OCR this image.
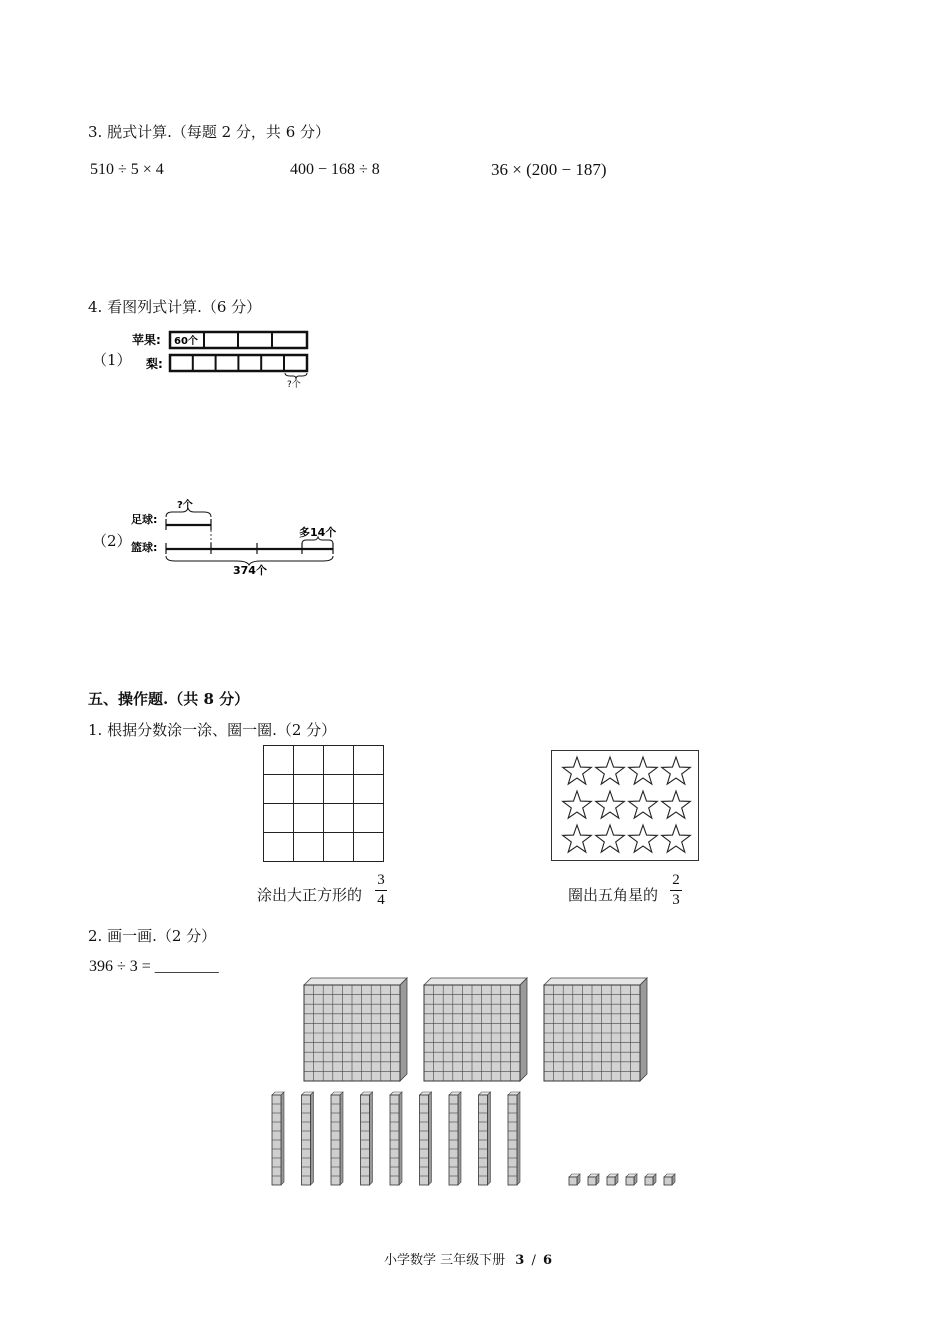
3. 脱式计算.（每题 2 分，共 6 分）
510 ÷ 5 × 4	400 − 168 ÷ 8	36 × (200 − 187)
4. 看图列式计算.（6 分）
（1）
苹果:
梨:
60个
?个
（2）
?个
足球:
篮球:
多14个
374个
五、操作题.（共 8 分）
1. 根据分数涂一涂、圈一圈.（2 分）
涂出大正方形的
3
4	圈出五角星的
2
3
2. 画一画.（2 分）
396 ÷ 3 = ________
小学数学 三年级下册 3 / 6
